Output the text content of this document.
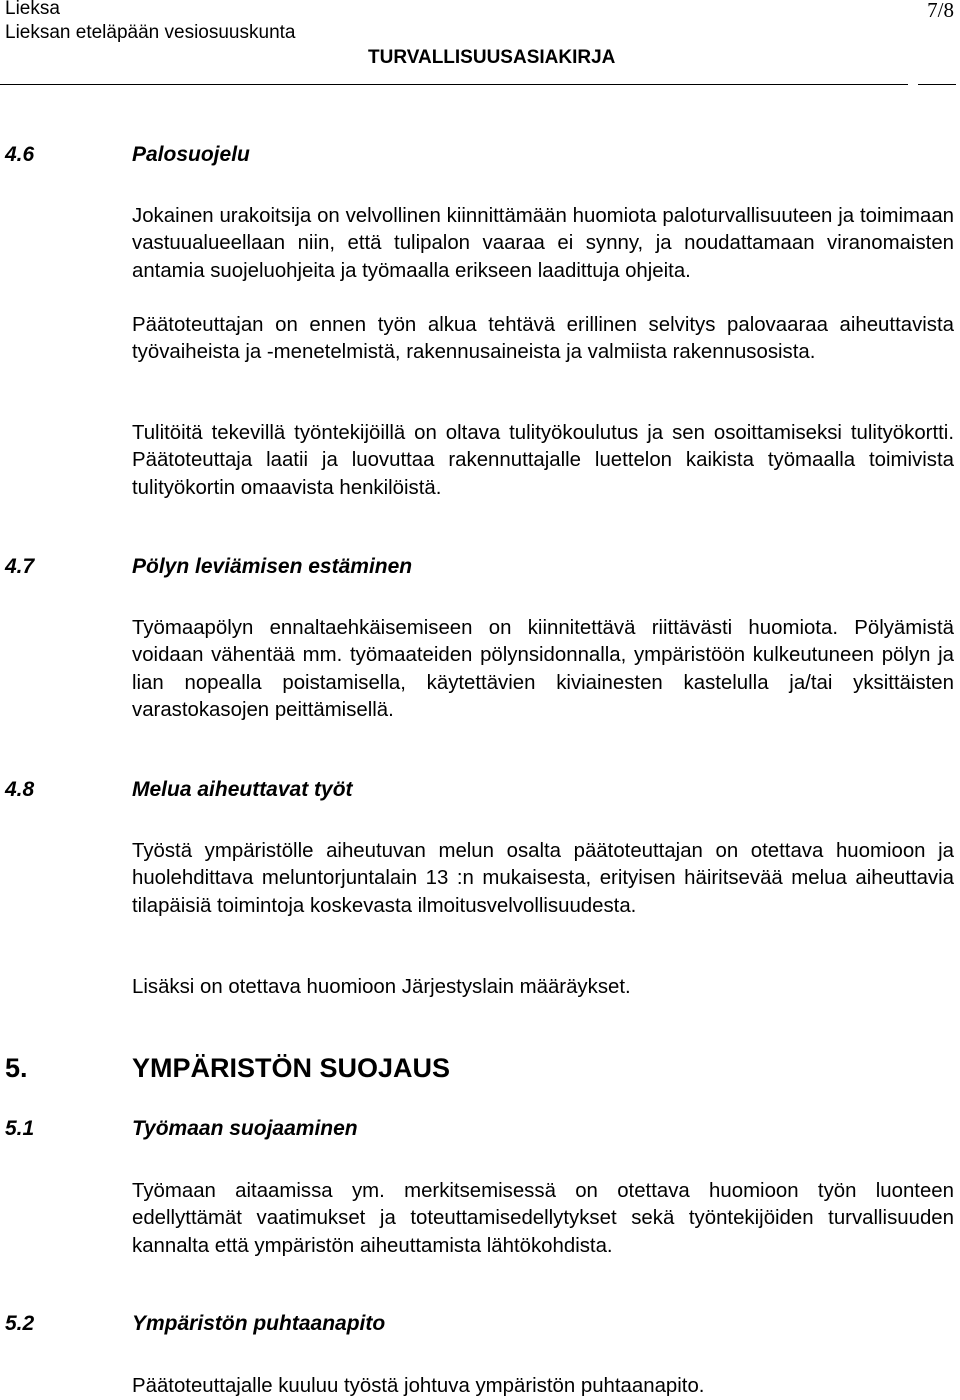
Lieksa
Lieksan eteläpään vesiosuuskunta
7/8
TURVALLISUUSASIAKIRJA
4.6	Palosuojelu
Jokainen urakoitsija on velvollinen kiinnittämään huomiota paloturvallisuuteen ja toimimaan vastuualueellaan niin, että tulipalon vaaraa ei synny, ja noudattamaan viranomaisten antamia suojeluohjeita ja työmaalla erikseen laadittuja ohjeita.
Päätoteuttajan on ennen työn alkua tehtävä erillinen selvitys palovaaraa aiheuttavista työvaiheista ja -menetelmistä, rakennusaineista ja valmiista rakennusosista.
Tulitöitä tekevillä työntekijöillä on oltava tulityökoulutus ja sen osoittamiseksi tulityökortti. Päätoteuttaja laatii ja luovuttaa rakennuttajalle luettelon kaikista työmaalla toimivista tulityökortin omaavista henkilöistä.
4.7	Pölyn leviämisen estäminen
Työmaapölyn ennaltaehkäisemiseen on kiinnitettävä riittävästi huomiota. Pölyämistä voidaan vähentää mm. työmaateiden pölynsidonnalla, ympäristöön kulkeutuneen pölyn ja lian nopealla poistamisella, käytettävien kiviainesten kastelulla ja/tai yksittäisten varastokasojen peittämisellä.
4.8	Melua aiheuttavat työt
Työstä ympäristölle aiheutuvan melun osalta päätoteuttajan on otettava huomioon ja huolehdittava meluntorjuntalain 13 :n mukaisesta, erityisen häiritsevää melua aiheuttavia tilapäisiä toimintoja koskevasta ilmoitusvelvollisuudesta.
Lisäksi on otettava huomioon Järjestyslain määräykset.
5.	YMPÄRISTÖN SUOJAUS
5.1	Työmaan suojaaminen
Työmaan aitaamissa ym. merkitsemisessä on otettava huomioon työn luonteen edellyttämät vaatimukset ja toteuttamisedellytykset sekä työntekijöiden turvallisuuden kannalta että ympäristön aiheuttamista lähtökohdista.
5.2	Ympäristön puhtaanapito
Päätoteuttajalle kuuluu työstä johtuva ympäristön puhtaanapito.
